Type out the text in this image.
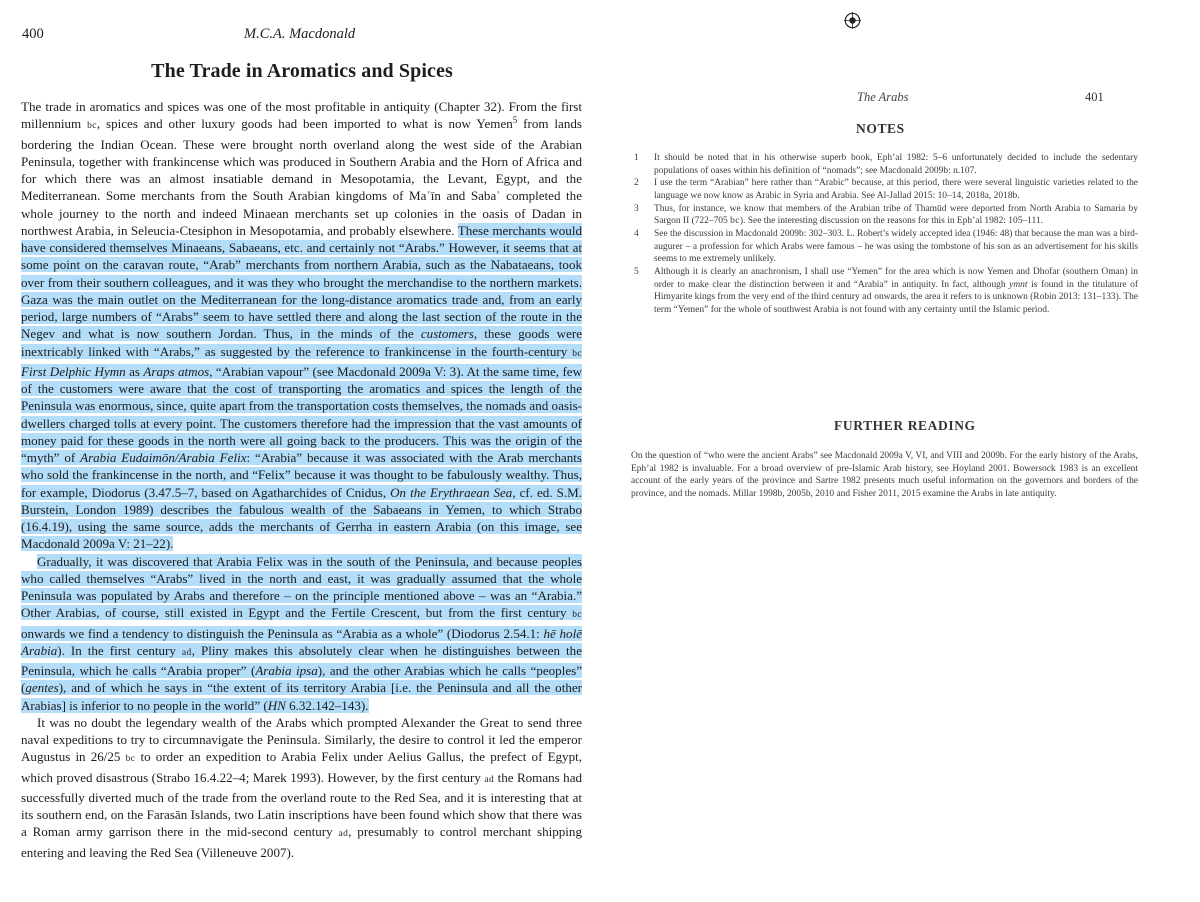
400	M.C.A. Macdonald
The Trade in Aromatics and Spices

The trade in aromatics and spices was one of the most profitable in antiquity (Chapter 32). From the first millennium bc, spices and other luxury goods had been imported to what is now Yemen$^5$ from lands bordering the Indian Ocean. These were brought north overland along the west side of the Arabian Peninsula, together with frankincense which was produced in Southern Arabia and the Horn of Africa and for which there was an almost insatiable demand in Mesopotamia, the Levant, Egypt, and the Mediterranean. Some merchants from the South Arabian kingdoms of Maʿīn and Sabaʾ completed the whole journey to the north and indeed Minaean merchants set up colonies in the oasis of Dadan in northwest Arabia, in Seleucia-Ctesiphon in Mesopotamia, and probably elsewhere. These merchants would have considered themselves Minaeans, Sabaeans, etc. and certainly not “Arabs.” However, it seems that at some point on the caravan route, “Arab” merchants from northern Arabia, such as the Nabataeans, took over from their southern colleagues, and it was they who brought the merchandise to the northern markets. Gaza was the main outlet on the Mediterranean for the long-distance aromatics trade and, from an early period, large numbers of “Arabs” seem to have settled there and along the last section of the route in the Negev and what is now southern Jordan. Thus, in the minds of the customers, these goods were inextricably linked with “Arabs,” as suggested by the reference to frankincense in the fourth-century bc First Delphic Hymn as Araps atmos, “Arabian vapour” (see Macdonald 2009a V: 3). At the same time, few of the customers were aware that the cost of transporting the aromatics and spices the length of the Peninsula was enormous, since, quite apart from the transportation costs themselves, the nomads and oasis-dwellers charged tolls at every point. The customers therefore had the impression that the vast amounts of money paid for these goods in the north were all going back to the producers. This was the origin of the “myth” of Arabia Eudaimōn/Arabia Felix: “Arabia” because it was associated with the Arab merchants who sold the frankincense in the north, and “Felix” because it was thought to be fabulously wealthy. Thus, for example, Diodorus (3.47.5–7, based on Agatharchides of Cnidus, On the Erythraean Sea, cf. ed. S.M. Burstein, London 1989) describes the fabulous wealth of the Sabaeans in Yemen, to which Strabo (16.4.19), using the same source, adds the merchants of Gerrha in eastern Arabia (on this image, see Macdonald 2009a V: 21–22).

Gradually, it was discovered that Arabia Felix was in the south of the Peninsula, and because peoples who called themselves “Arabs” lived in the north and east, it was gradually assumed that the whole Peninsula was populated by Arabs and therefore – on the principle mentioned above – was an “Arabia.” Other Arabias, of course, still existed in Egypt and the Fertile Crescent, but from the first century bc onwards we find a tendency to distinguish the Peninsula as “Arabia as a whole” (Diodorus 2.54.1: hē holē Arabia). In the first century ad, Pliny makes this absolutely clear when he distinguishes between the Peninsula, which he calls “Arabia proper” (Arabia ipsa), and the other Arabias which he calls “peoples” (gentes), and of which he says in “the extent of its territory Arabia [i.e. the Peninsula and all the other Arabias] is inferior to no people in the world” (HN 6.32.142–143).

It was no doubt the legendary wealth of the Arabs which prompted Alexander the Great to send three naval expeditions to try to circumnavigate the Peninsula. Similarly, the desire to control it led the emperor Augustus in 26/25 bc to order an expedition to Arabia Felix under Aelius Gallus, the prefect of Egypt, which proved disastrous (Strabo 16.4.22–4; Marek 1993). However, by the first century ad the Romans had successfully diverted much of the trade from the overland route to the Red Sea, and it is interesting that at its southern end, on the Farasān Islands, two Latin inscriptions have been found which show that there was a Roman army garrison there in the mid-second century ad, presumably to control merchant shipping entering and leaving the Red Sea (Villeneuve 2007).

The Arabs	401
NOTES
1 It should be noted that in his otherwise superb book, Eph’al 1982: 5–6 unfortunately decided to include the sedentary populations of oases within his definition of “nomads”; see Macdonald 2009b: n.107.
2 I use the term “Arabian” here rather than “Arabic” because, at this period, there were several linguistic varieties related to the language we now know as Arabic in Syria and Arabia. See Al-Jallad 2015: 10–14, 2018a, 2018b.
3 Thus, for instance, we know that members of the Arabian tribe of Thamūd were deported from North Arabia to Samaria by Sargon II (722–705 bc). See the interesting discussion on the reasons for this in Eph’al 1982: 105–111.
4 See the discussion in Macdonald 2009b: 302–303. L. Robert’s widely accepted idea (1946: 48) that because the man was a bird-augurer – a profession for which Arabs were famous – he was using the tombstone of his son as an advertisement for his skills seems to me extremely unlikely.
5 Although it is clearly an anachronism, I shall use “Yemen” for the area which is now Yemen and Dhofar (southern Oman) in order to make clear the distinction between it and “Arabia” in antiquity. In fact, although ymnt is found in the titulature of Himyarite kings from the very end of the third century ad onwards, the area it refers to is unknown (Robin 2013: 131–133). The term “Yemen” for the whole of southwest Arabia is not found with any certainty until the Islamic period.
FURTHER READING

On the question of “who were the ancient Arabs” see Macdonald 2009a V, VI, and VIII and 2009b. For the early history of the Arabs, Eph’al 1982 is invaluable. For a broad overview of pre-Islamic Arab history, see Hoyland 2001. Bowersock 1983 is an excellent account of the early years of the province and Sartre 1982 presents much useful information on the governors and borders of the province, and the nomads. Millar 1998b, 2005b, 2010 and Fisher 2011, 2015 examine the Arabs in late antiquity.
